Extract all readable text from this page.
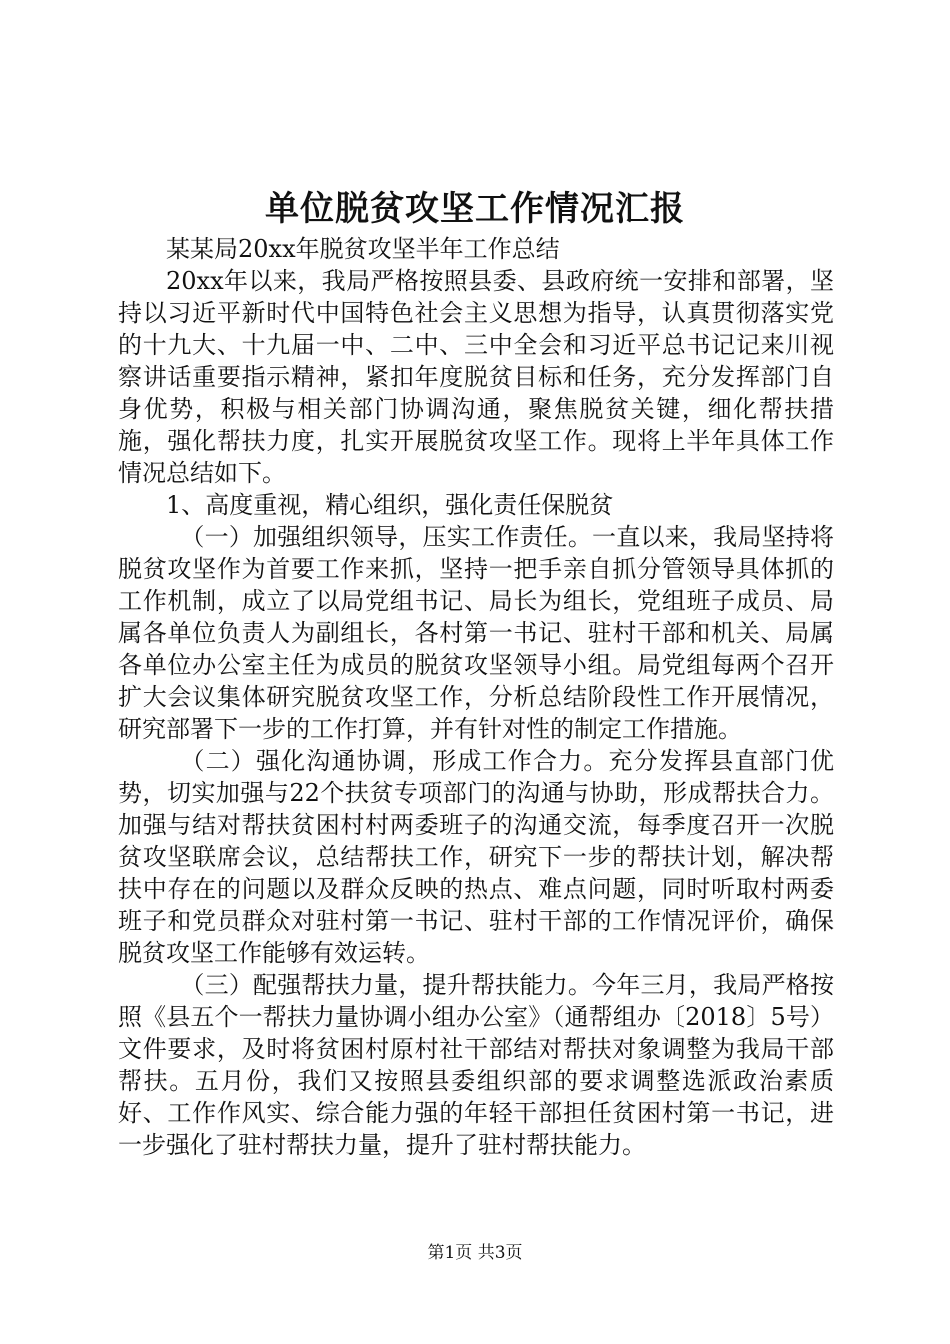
单位脱贫攻坚工作情况汇报

某某局20xx年脱贫攻坚半年工作总结

20xx年以来，我局严格按照县委、县政府统一安排和部署，坚持以习近平新时代中国特色社会主义思想为指导，认真贯彻落实党的十九大、十九届一中、二中、三中全会和习近平总书记记来川视察讲话重要指示精神，紧扣年度脱贫目标和任务，充分发挥部门自身优势，积极与相关部门协调沟通，聚焦脱贫关键，细化帮扶措施，强化帮扶力度，扎实开展脱贫攻坚工作。现将上半年具体工作情况总结如下。

1、高度重视，精心组织，强化责任保脱贫

（一）加强组织领导，压实工作责任。一直以来，我局坚持将脱贫攻坚作为首要工作来抓，坚持一把手亲自抓分管领导具体抓的工作机制，成立了以局党组书记、局长为组长，党组班子成员、局属各单位负责人为副组长，各村第一书记、驻村干部和机关、局属各单位办公室主任为成员的脱贫攻坚领导小组。局党组每两个召开扩大会议集体研究脱贫攻坚工作，分析总结阶段性工作开展情况，研究部署下一步的工作打算，并有针对性的制定工作措施。

（二）强化沟通协调，形成工作合力。充分发挥县直部门优势，切实加强与22个扶贫专项部门的沟通与协助，形成帮扶合力。加强与结对帮扶贫困村村两委班子的沟通交流，每季度召开一次脱贫攻坚联席会议，总结帮扶工作，研究下一步的帮扶计划，解决帮扶中存在的问题以及群众反映的热点、难点问题，同时听取村两委班子和党员群众对驻村第一书记、驻村干部的工作情况评价，确保脱贫攻坚工作能够有效运转。

（三）配强帮扶力量，提升帮扶能力。今年三月，我局严格按照《县五个一帮扶力量协调小组办公室》（通帮组办〔2018〕5号）文件要求，及时将贫困村原村社干部结对帮扶对象调整为我局干部帮扶。五月份，我们又按照县委组织部的要求调整选派政治素质好、工作作风实、综合能力强的年轻干部担任贫困村第一书记，进一步强化了驻村帮扶力量，提升了驻村帮扶能力。

第1页 共3页
